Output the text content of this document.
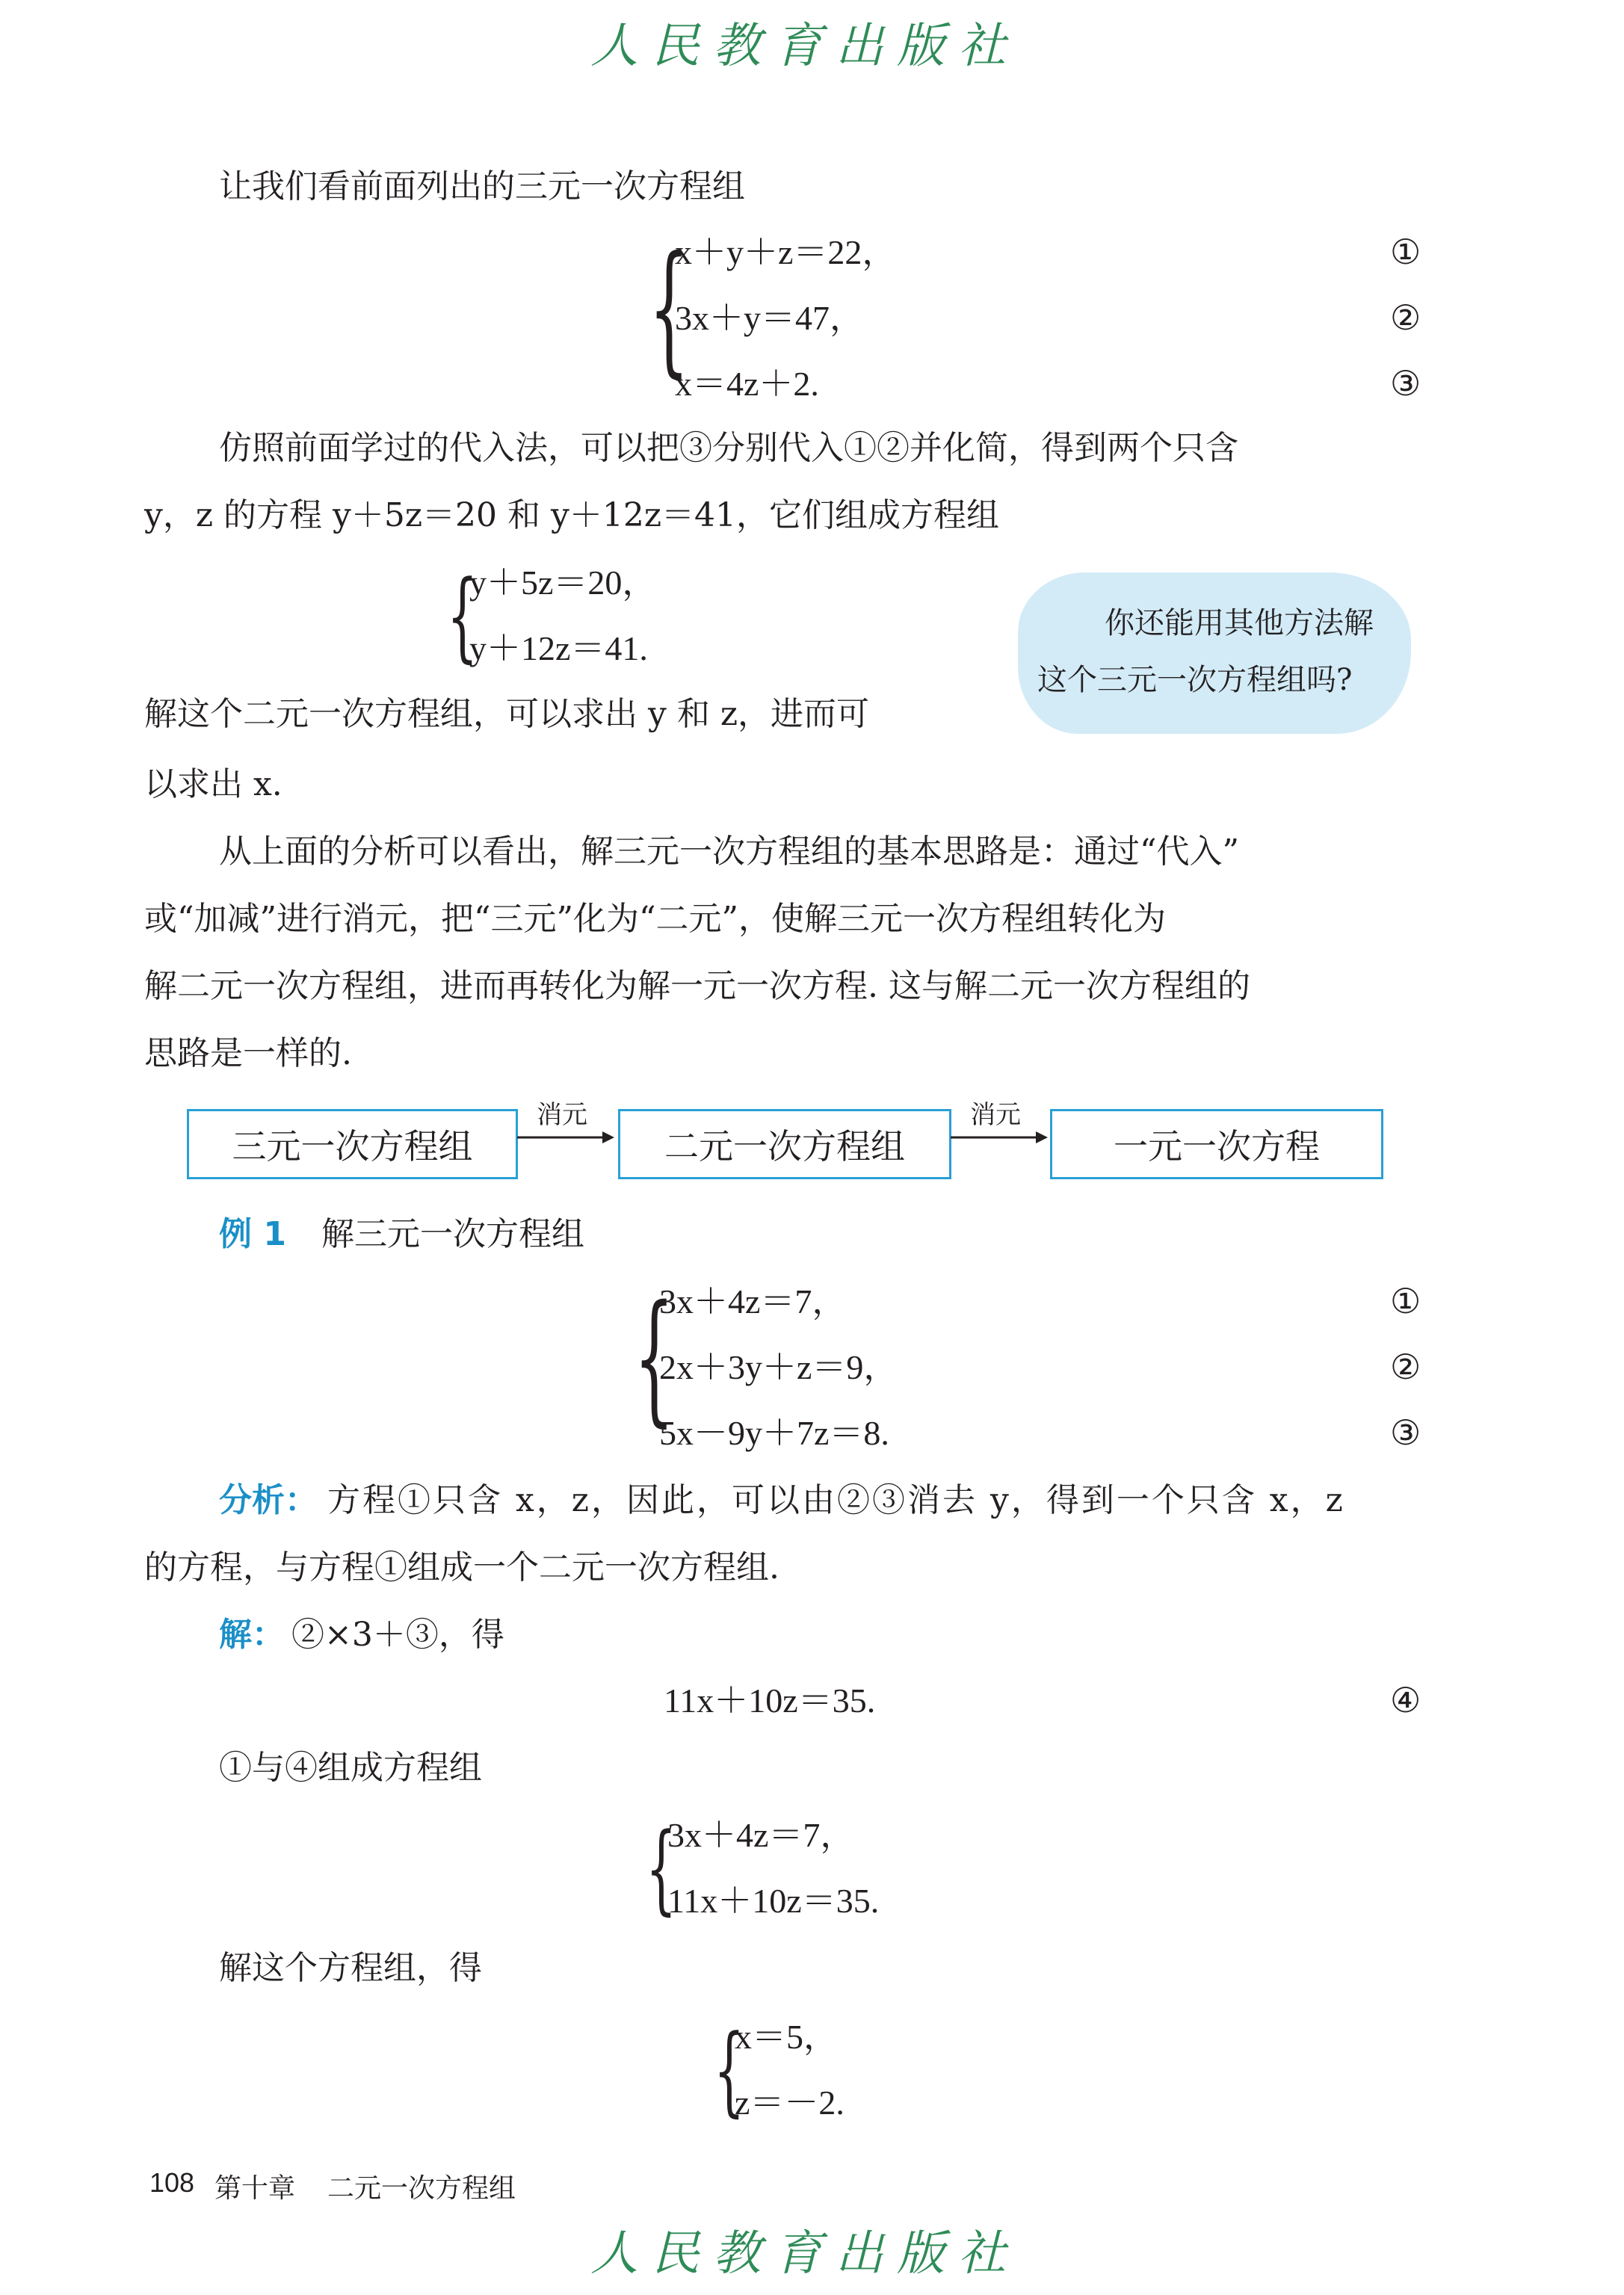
人民教育出版社
让我们看前面列出的三元一次方程组
{
x＋y＋z＝22，
3x＋y＝47，
x＝4z＋2.
①
②
③
仿照前面学过的代入法，可以把③分别代入①②并化简，得到两个只含
y，z 的方程 y＋5z＝20 和 y＋12z＝41，它们组成方程组
{
y＋5z＝20，
y＋12z＝41.
你还能用其他方法解
这个三元一次方程组吗?
解这个二元一次方程组，可以求出 y 和 z，进而可
以求出 x.
从上面的分析可以看出，解三元一次方程组的基本思路是：通过“代入”
或“加减”进行消元，把“三元”化为“二元”，使解三元一次方程组转化为
解二元一次方程组，进而再转化为解一元一次方程. 这与解二元一次方程组的
思路是一样的.
三元一次方程组
消元
二元一次方程组
消元
一元一次方程
例 1 解三元一次方程组
{
3x＋4z＝7，
2x＋3y＋z＝9，
5x－9y＋7z＝8.
①
②
③
分析： 方程①只含 x，z，因此，可以由②③消去 y，得到一个只含 x，z
的方程，与方程①组成一个二元一次方程组.
解： ②×3＋③，得
11x＋10z＝35.	④
①与④组成方程组
{
3x＋4z＝7，
11x＋10z＝35.
解这个方程组，得
{
x＝5，
z＝－2.
108 第十章 二元一次方程组
人民教育出版社
